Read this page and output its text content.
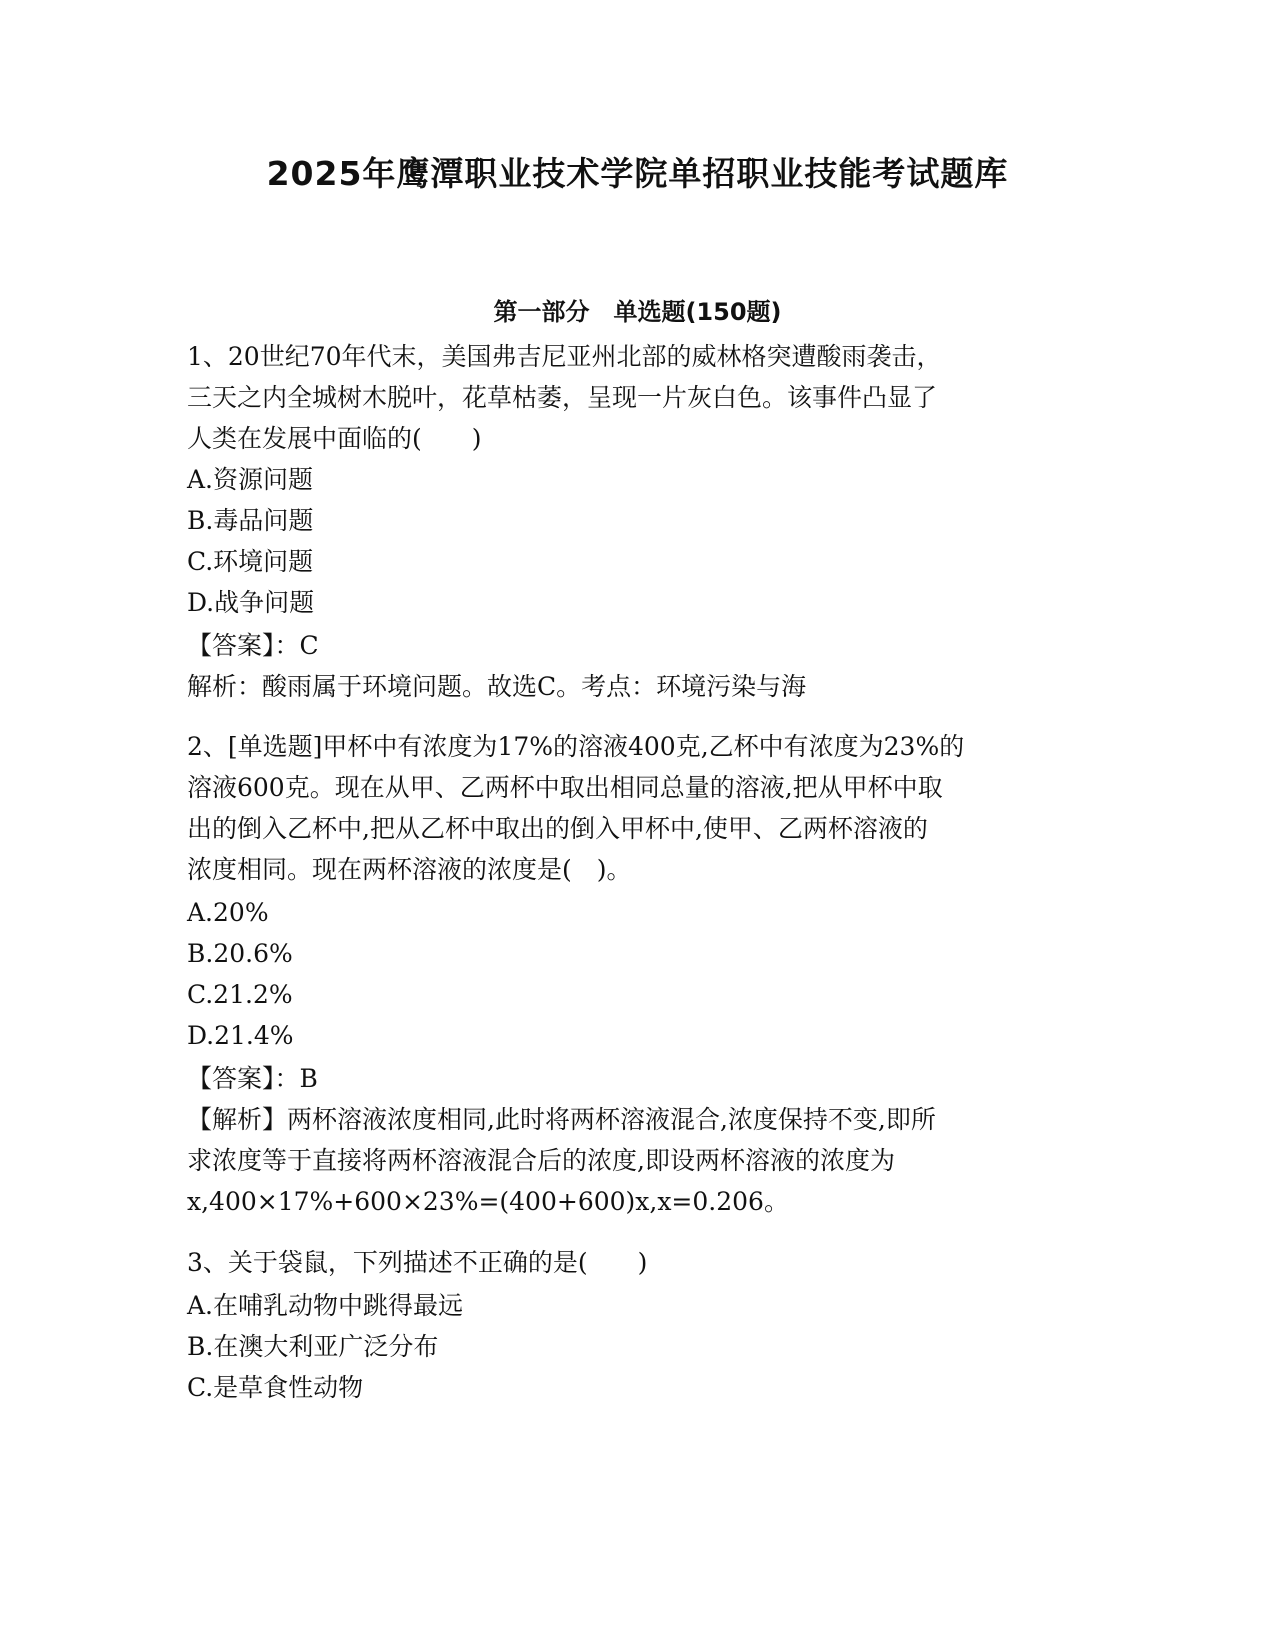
2025年鹰潭职业技术学院单招职业技能考试题库
第一部分　单选题(150题)

1、20世纪70年代末，美国弗吉尼亚州北部的威林格突遭酸雨袭击，

三天之内全城树木脱叶，花草枯萎，呈现一片灰白色。该事件凸显了

人类在发展中面临的(　　)

A.资源问题

B.毒品问题

C.环境问题

D.战争问题

【答案】：C

解析：酸雨属于环境问题。故选C。考点：环境污染与海

2、[单选题]甲杯中有浓度为17%的溶液400克,乙杯中有浓度为23%的

溶液600克。现在从甲、乙两杯中取出相同总量的溶液,把从甲杯中取

出的倒入乙杯中,把从乙杯中取出的倒入甲杯中,使甲、乙两杯溶液的

浓度相同。现在两杯溶液的浓度是(　)。

A.20%

B.20.6%

C.21.2%

D.21.4%

【答案】：B

【解析】两杯溶液浓度相同,此时将两杯溶液混合,浓度保持不变,即所

求浓度等于直接将两杯溶液混合后的浓度,即设两杯溶液的浓度为

x,400×17%+600×23%=(400+600)x,x=0.206。

3、关于袋鼠，下列描述不正确的是(　　)

A.在哺乳动物中跳得最远

B.在澳大利亚广泛分布

C.是草食性动物
